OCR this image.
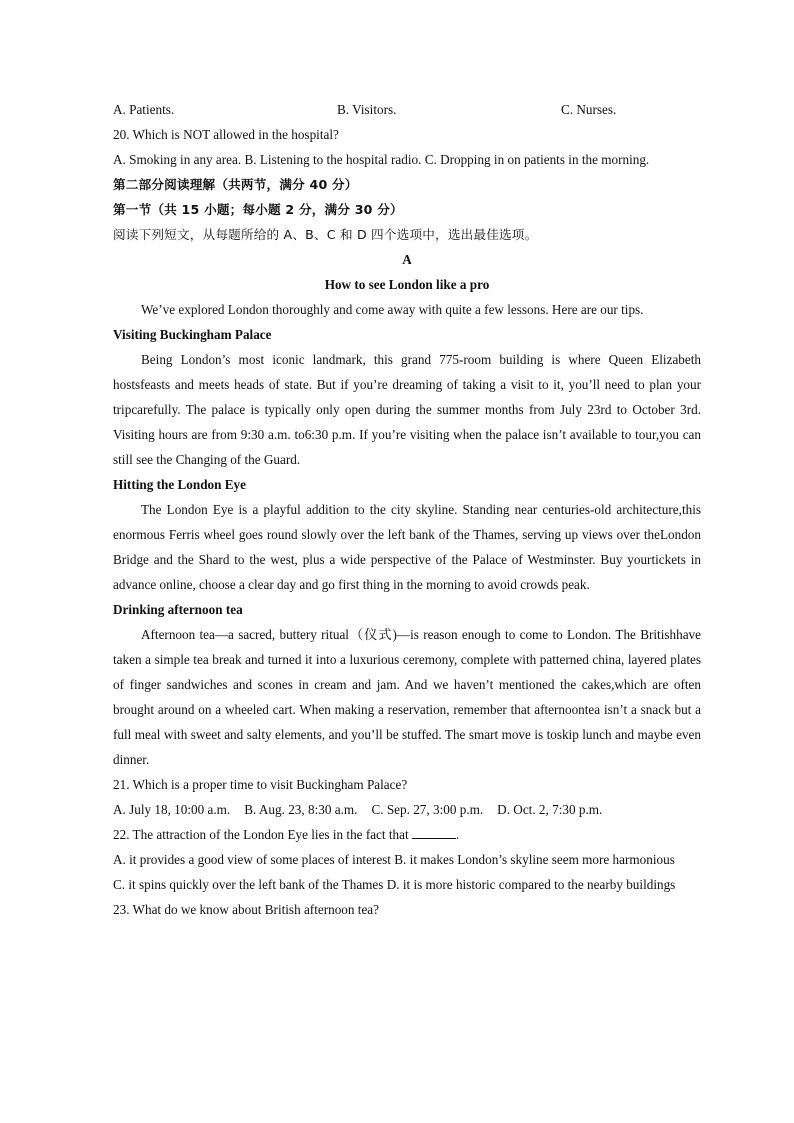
A. Patients.	B. Visitors.	C. Nurses.
20. Which is NOT allowed in the hospital?
A. Smoking in any area. B. Listening to the hospital radio. C. Dropping in on patients in the morning.
第二部分阅读理解（共两节，满分 40 分）
第一节（共 15 小题；每小题 2 分，满分 30 分）
阅读下列短文，从每题所给的 A、B、C 和 D 四个选项中，选出最佳选项。
A
How to see London like a pro
We’ve explored London thoroughly and come away with quite a few lessons. Here are our tips.
Visiting Buckingham Palace
Being London’s most iconic landmark, this grand 775-room building is where Queen Elizabeth hostsfeasts and meets heads of state. But if you’re dreaming of taking a visit to it, you’ll need to plan your tripcarefully. The palace is typically only open during the summer months from July 23rd to October 3rd. Visiting hours are from 9:30 a.m. to6:30 p.m. If you’re visiting when the palace isn’t available to tour,you can still see the Changing of the Guard.
Hitting the London Eye
The London Eye is a playful addition to the city skyline. Standing near centuries-old architecture,this enormous Ferris wheel goes round slowly over the left bank of the Thames, serving up views over theLondon Bridge and the Shard to the west, plus a wide perspective of the Palace of Westminster. Buy yourtickets in advance online, choose a clear day and go first thing in the morning to avoid crowds peak.
Drinking afternoon tea
Afternoon tea—a sacred, buttery ritual（仪式)—is reason enough to come to London. The Britishhave taken a simple tea break and turned it into a luxurious ceremony, complete with patterned china, layered plates of finger sandwiches and scones in cream and jam. And we haven’t mentioned the cakes,which are often brought around on a wheeled cart. When making a reservation, remember that afternoontea isn’t a snack but a full meal with sweet and salty elements, and you’ll be stuffed. The smart move is toskip lunch and maybe even dinner.
21. Which is a proper time to visit Buckingham Palace?
A. July 18, 10:00 a.m. B. Aug. 23, 8:30 a.m. C. Sep. 27, 3:00 p.m. D. Oct. 2, 7:30 p.m.
22. The attraction of the London Eye lies in the fact that	.
A. it provides a good view of some places of interest B. it makes London’s skyline seem more harmonious
C. it spins quickly over the left bank of the Thames D. it is more historic compared to the nearby buildings
23. What do we know about British afternoon tea?
